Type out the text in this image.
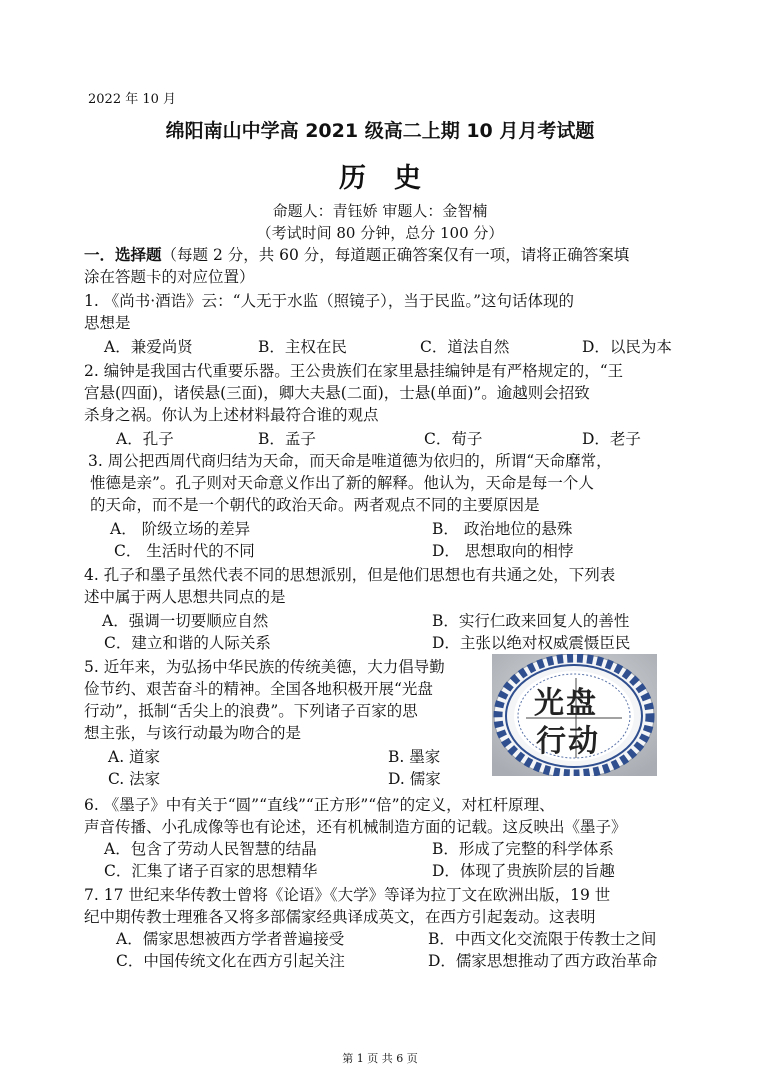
2022 年 10 月
绵阳南山中学高 2021 级高二上期 10 月月考试题
历史
命题人：青钰娇 审题人：金智楠
（考试时间 80 分钟，总分 100 分）
一．选择题（每题 2 分，共 60 分，每道题正确答案仅有一项，请将正确答案填
涂在答题卡的对应位置）
1. 《尚书·酒诰》云：“人无于水监（照镜子），当于民监。”这句话体现的
思想是
A．兼爱尚贤	B．主权在民	C．道法自然	D．以民为本
2. 编钟是我国古代重要乐器。王公贵族们在家里悬挂编钟是有严格规定的，“王
宫悬(四面)，诸侯悬(三面)，卿大夫悬(二面)，士悬(单面)”。逾越则会招致
杀身之祸。你认为上述材料最符合谁的观点
A．孔子	B．孟子	C．荀子	D．老子
3. 周公把西周代商归结为天命，而天命是唯道德为依归的，所谓“天命靡常，
惟德是亲”。孔子则对天命意义作出了新的解释。他认为，天命是每一个人
的天命，而不是一个朝代的政治天命。两者观点不同的主要原因是
A． 阶级立场的差异	B． 政治地位的悬殊
C． 生活时代的不同	D． 思想取向的相悖
4. 孔子和墨子虽然代表不同的思想派别，但是他们思想也有共通之处，下列表
述中属于两人思想共同点的是
A．强调一切要顺应自然	B．实行仁政来回复人的善性
C．建立和谐的人际关系	D．主张以绝对权威震慑臣民
5. 近年来，为弘扬中华民族的传统美德，大力倡导勤
俭节约、艰苦奋斗的精神。全国各地积极开展“光盘
行动”，抵制“舌尖上的浪费”。下列诸子百家的思
想主张，与该行动最为吻合的是
A. 道家	B. 墨家
C. 法家	D. 儒家
光盘
行动
6. 《墨子》中有关于“圆”“直线”“正方形”“倍”的定义，对杠杆原理、
声音传播、小孔成像等也有论述，还有机械制造方面的记载。这反映出《墨子》
A．包含了劳动人民智慧的结晶	B．形成了完整的科学体系
C．汇集了诸子百家的思想精华	D．体现了贵族阶层的旨趣
7. 17 世纪来华传教士曾将《论语》《大学》等译为拉丁文在欧洲出版，19 世
纪中期传教士理雅各又将多部儒家经典译成英文，在西方引起轰动。这表明
A．儒家思想被西方学者普遍接受	B．中西文化交流限于传教士之间
C．中国传统文化在西方引起关注	D．儒家思想推动了西方政治革命
第 1 页 共 6 页
